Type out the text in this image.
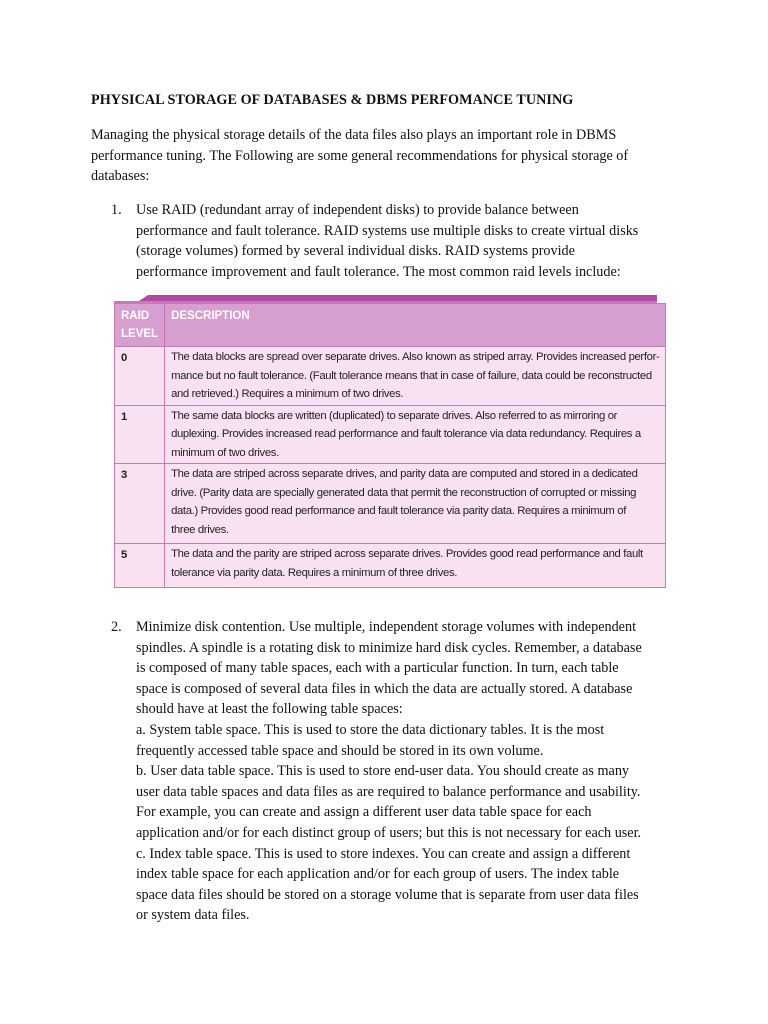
PHYSICAL STORAGE OF DATABASES & DBMS PERFOMANCE TUNING
Managing the physical storage details of the data files also plays an important role in DBMS
performance tuning. The Following are some general recommendations for physical storage of
databases:
1. Use RAID (redundant array of independent disks) to provide balance between
performance and fault tolerance. RAID systems use multiple disks to create virtual disks
(storage volumes) formed by several individual disks. RAID systems provide
performance improvement and fault tolerance. The most common raid levels include:
RAID
LEVEL	DESCRIPTION
0	The data blocks are spread over separate drives. Also known as striped array. Provides increased perfor-
mance but no fault tolerance. (Fault tolerance means that in case of failure, data could be reconstructed
and retrieved.) Requires a minimum of two drives.

1	The same data blocks are written (duplicated) to separate drives. Also referred to as mirroring or
duplexing. Provides increased read performance and fault tolerance via data redundancy. Requires a
minimum of two drives.

3	The data are striped across separate drives, and parity data are computed and stored in a dedicated
drive. (Parity data are specially generated data that permit the reconstruction of corrupted or missing
data.) Provides good read performance and fault tolerance via parity data. Requires a minimum of
three drives.

5	The data and the parity are striped across separate drives. Provides good read performance and fault
tolerance via parity data. Requires a minimum of three drives.
2. Minimize disk contention. Use multiple, independent storage volumes with independent
spindles. A spindle is a rotating disk to minimize hard disk cycles. Remember, a database
is composed of many table spaces, each with a particular function. In turn, each table
space is composed of several data files in which the data are actually stored. A database
should have at least the following table spaces:
a. System table space. This is used to store the data dictionary tables. It is the most
frequently accessed table space and should be stored in its own volume.
b. User data table space. This is used to store end-user data. You should create as many
user data table spaces and data files as are required to balance performance and usability.
For example, you can create and assign a different user data table space for each
application and/or for each distinct group of users; but this is not necessary for each user.
c. Index table space. This is used to store indexes. You can create and assign a different
index table space for each application and/or for each group of users. The index table
space data files should be stored on a storage volume that is separate from user data files
or system data files.
